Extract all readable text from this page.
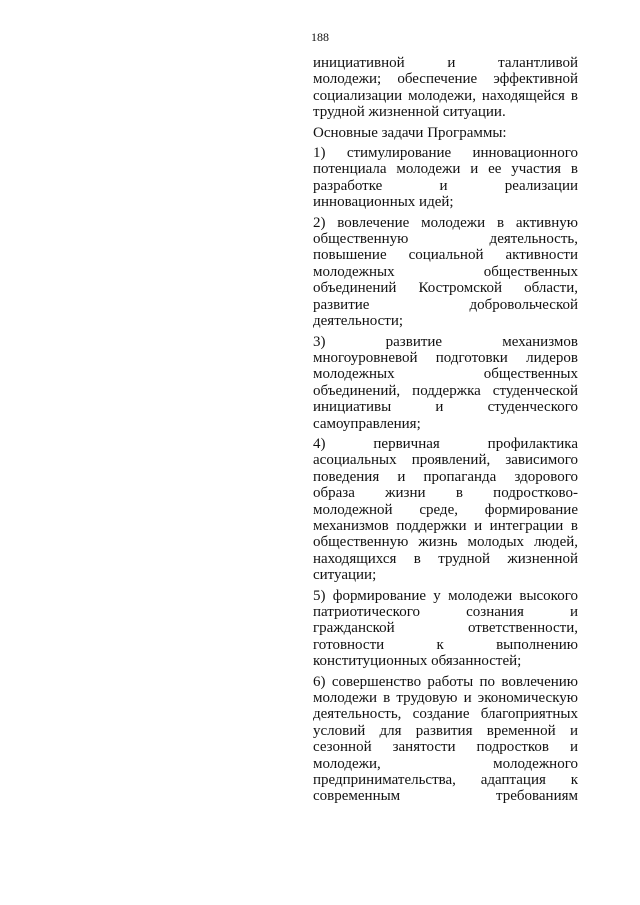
188
инициативной и талантливой
молодежи; обеспечение эффективной
социализации молодежи, находящейся в
трудной жизненной ситуации.
Основные задачи Программы:
1) стимулирование инновационного
потенциала молодежи и ее участия в
разработке и реализации
инновационных идей;
2) вовлечение молодежи в активную
общественную деятельность,
повышение социальной активности
молодежных общественных
объединений Костромской области,
развитие добровольческой
деятельности;
3) развитие механизмов
многоуровневой подготовки лидеров
молодежных общественных
объединений, поддержка студенческой
инициативы и студенческого
самоуправления;
4) первичная профилактика
асоциальных проявлений, зависимого
поведения и пропаганда здорового
образа жизни в подростково-
молодежной среде, формирование
механизмов поддержки и интеграции в
общественную жизнь молодых людей,
находящихся в трудной жизненной
ситуации;
5) формирование у молодежи высокого
патриотического сознания и
гражданской ответственности,
готовности к выполнению
конституционных обязанностей;
6) совершенство работы по вовлечению
молодежи в трудовую и экономическую
деятельность, создание благоприятных
условий для развития временной и
сезонной занятости подростков и
молодежи, молодежного
предпринимательства, адаптация к
современным требованиям
